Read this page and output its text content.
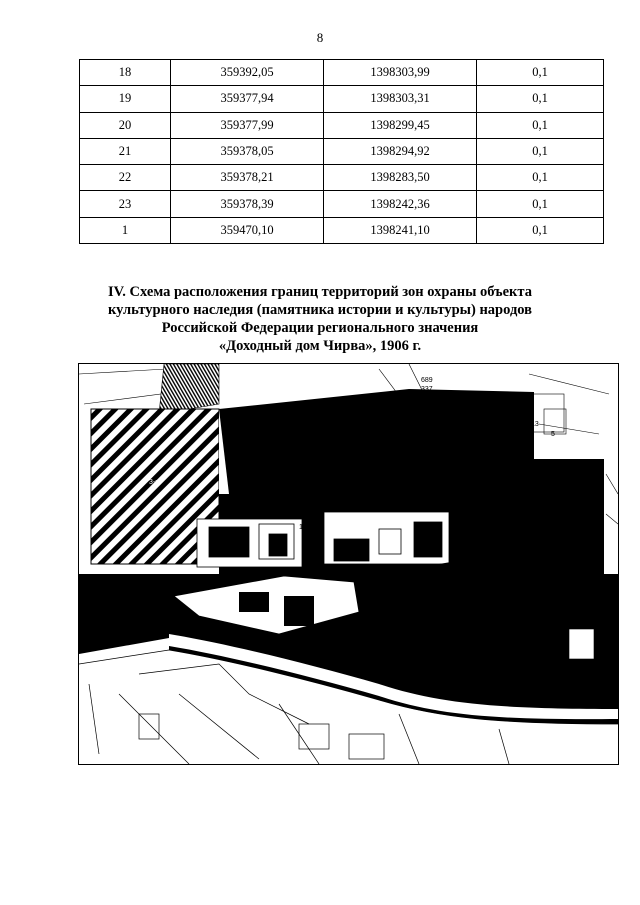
8
18	359392,05	1398303,99	0,1
19	359377,94	1398303,31	0,1
20	359377,99	1398299,45	0,1
21	359378,05	1398294,92	0,1
22	359378,21	1398283,50	0,1
23	359378,39	1398242,36	0,1
1	359470,10	1398241,10	0,1
IV. Схема расположения границ территорий зон охраны объекта
культурного наследия (памятника истории и культуры) народов
Российской Федерации регионального значения
«Доходный дом Чирва», 1906 г.
689
337
3-н
13
5
16
